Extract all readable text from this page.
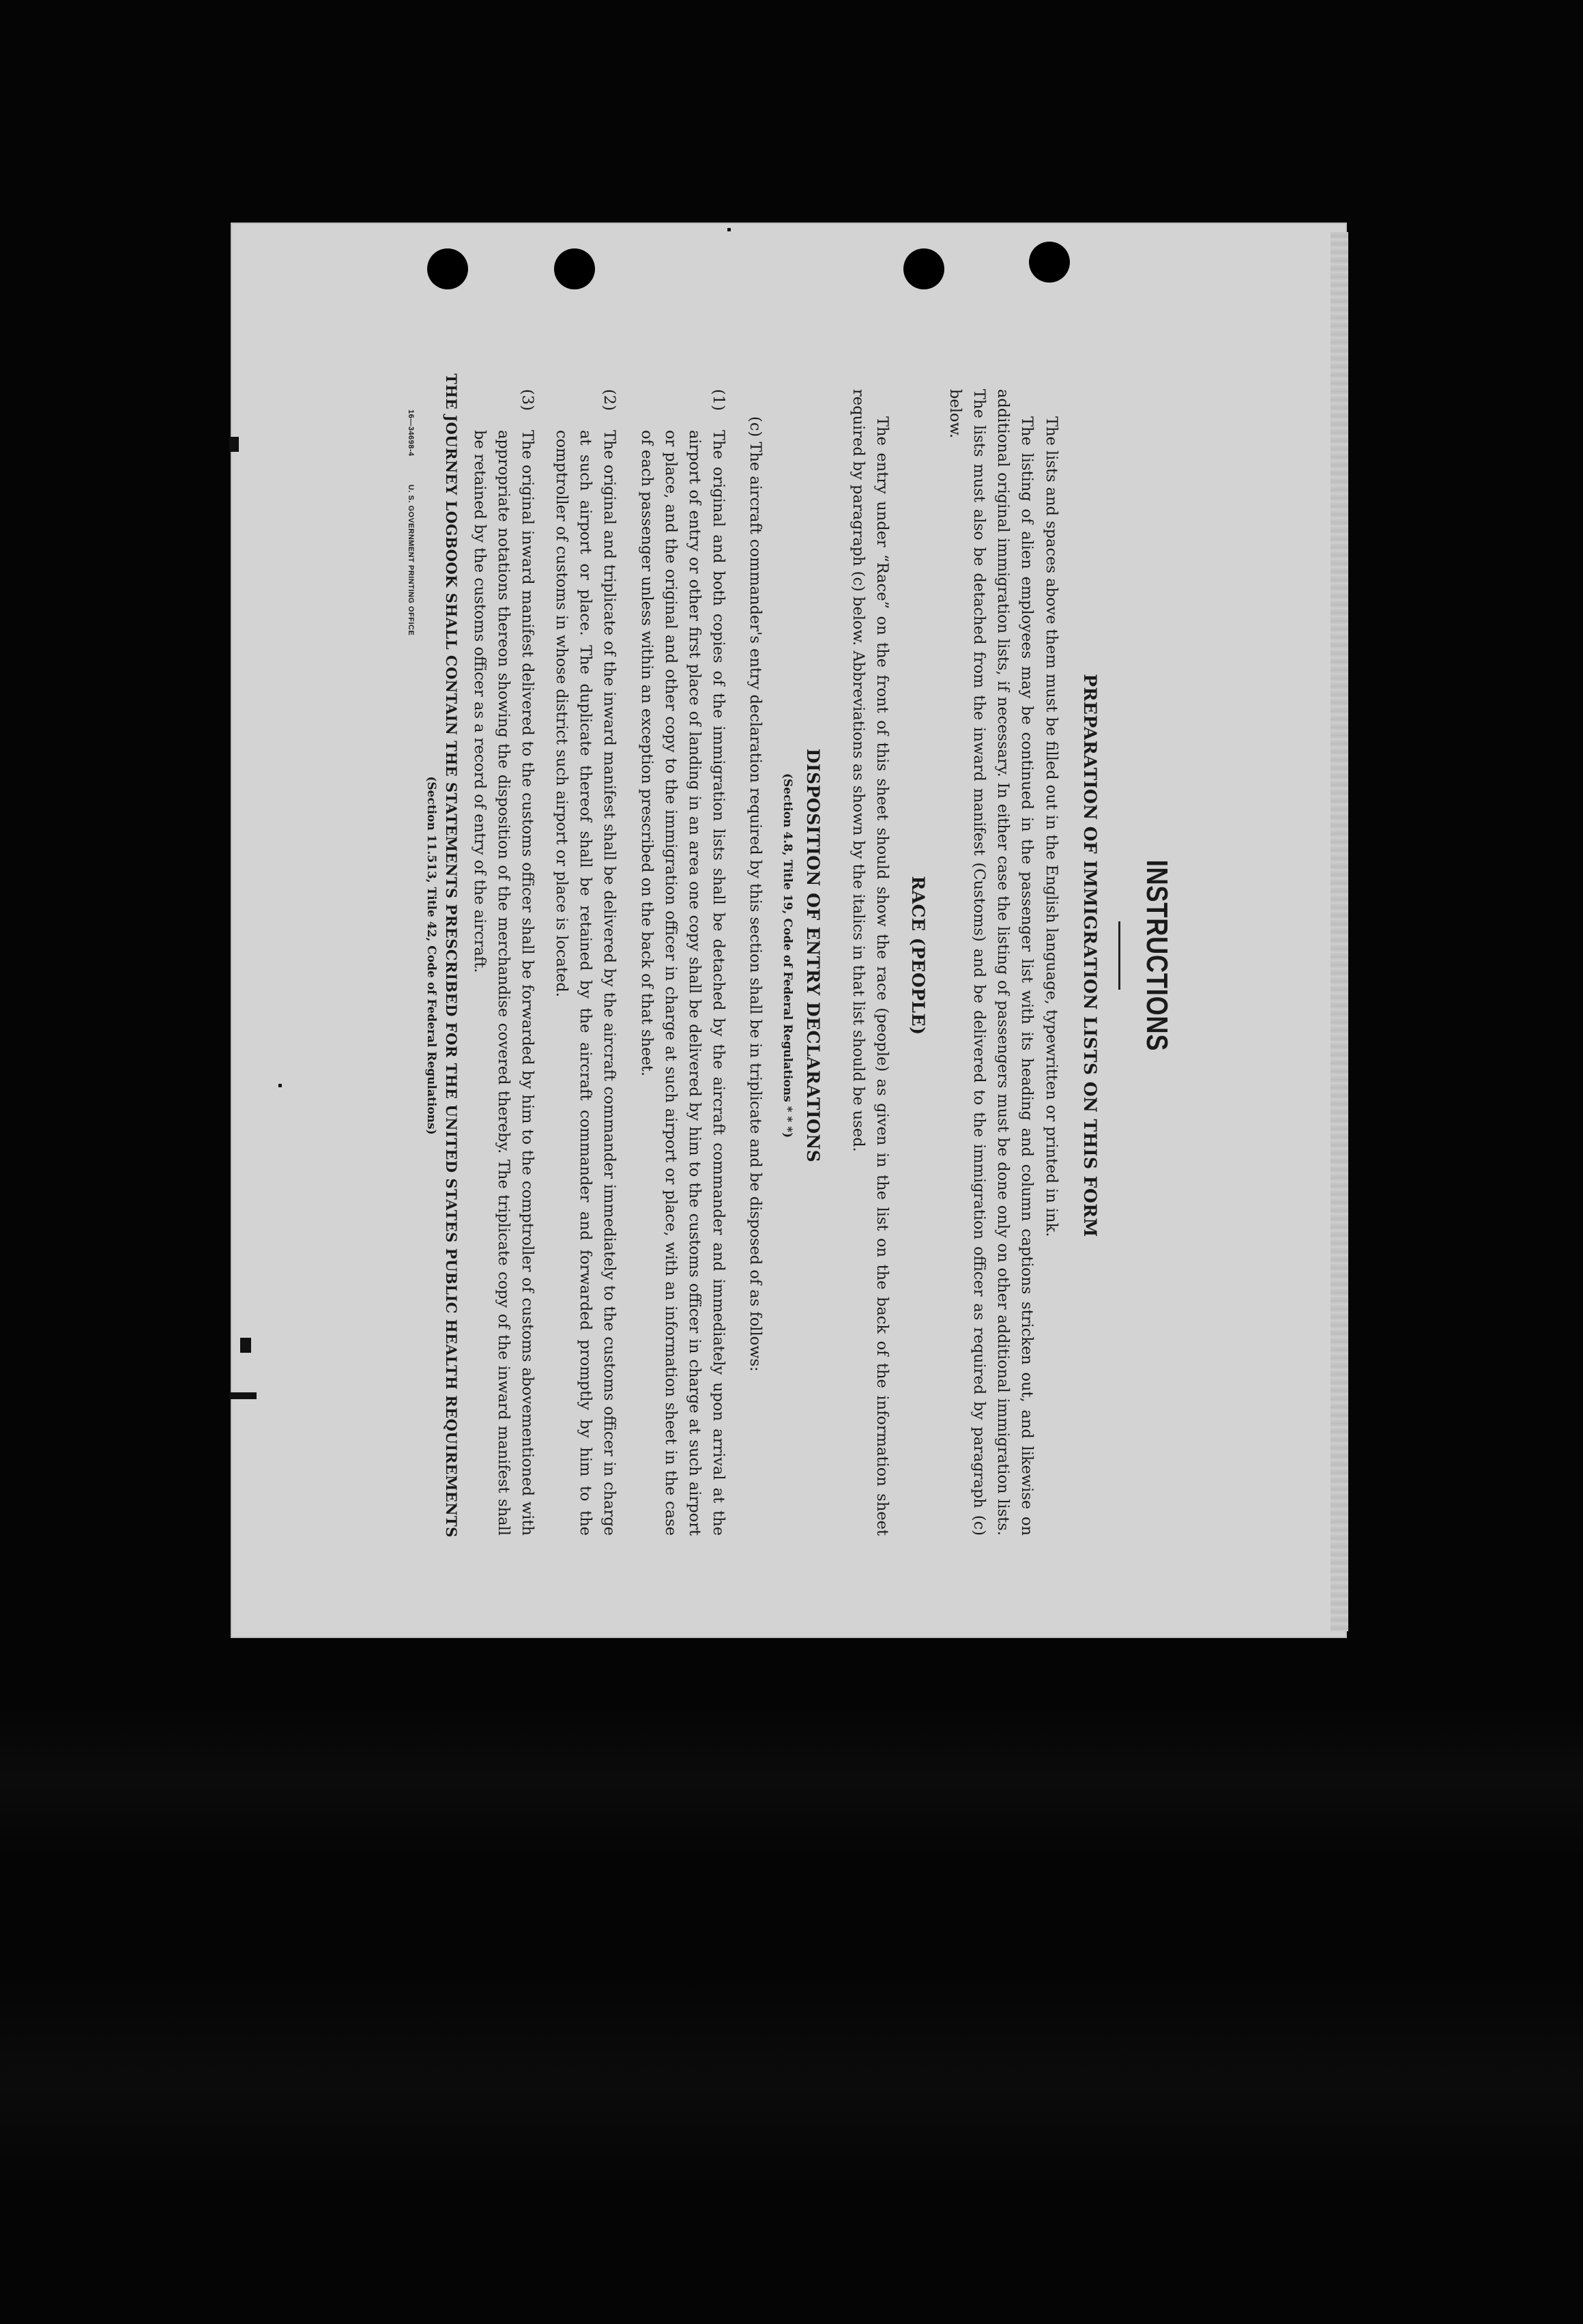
INSTRUCTIONS
PREPARATION OF IMMIGRATION LISTS ON THIS FORM
The lists and spaces above them must be filled out in the English language, typewritten or printed in ink.
The listing of alien employees may be continued in the passenger list with its heading and column captions stricken out, and likewise on additional original immigration lists, if necessary. In either case the listing of passengers must be done only on other additional immigration lists. The lists must also be detached from the inward manifest (Customs) and be delivered to the immigration officer as required by paragraph (c) below.
RACE (PEOPLE)
The entry under “Race” on the front of this sheet should show the race (people) as given in the list on the back of the information sheet required by paragraph (c) below. Abbreviations as shown by the italics in that list should be used.
DISPOSITION OF ENTRY DECLARATIONS
(Section 4.8, Title 19, Code of Federal Regulations * * *)
(c) The aircraft commander's entry declaration required by this section shall be in triplicate and be disposed of as follows:
(1)
The original and both copies of the immigration lists shall be detached by the aircraft commander and immediately upon arrival at the airport of entry or other first place of landing in an area one copy shall be delivered by him to the customs officer in charge at such airport or place, and the original and other copy to the immigration officer in charge at such airport or place, with an information sheet in the case of each passenger unless within an exception prescribed on the back of that sheet.
(2)
The original and triplicate of the inward manifest shall be delivered by the aircraft commander immediately to the customs officer in charge at such airport or place. The duplicate thereof shall be retained by the aircraft commander and forwarded promptly by him to the comptroller of customs in whose district such airport or place is located.
(3)
The original inward manifest delivered to the customs officer shall be forwarded by him to the comptroller of customs abovementioned with appropriate notations thereon showing the disposition of the merchandise covered thereby. The triplicate copy of the inward manifest shall be retained by the customs officer as a record of entry of the aircraft.
THE JOURNEY LOGBOOK SHALL CONTAIN THE STATEMENTS PRESCRIBED FOR THE UNITED STATES PUBLIC HEALTH REQUIREMENTS
(Section 11.513, Title 42, Code of Federal Regulations)
16—34698-4
U. S. GOVERNMENT PRINTING OFFICE
